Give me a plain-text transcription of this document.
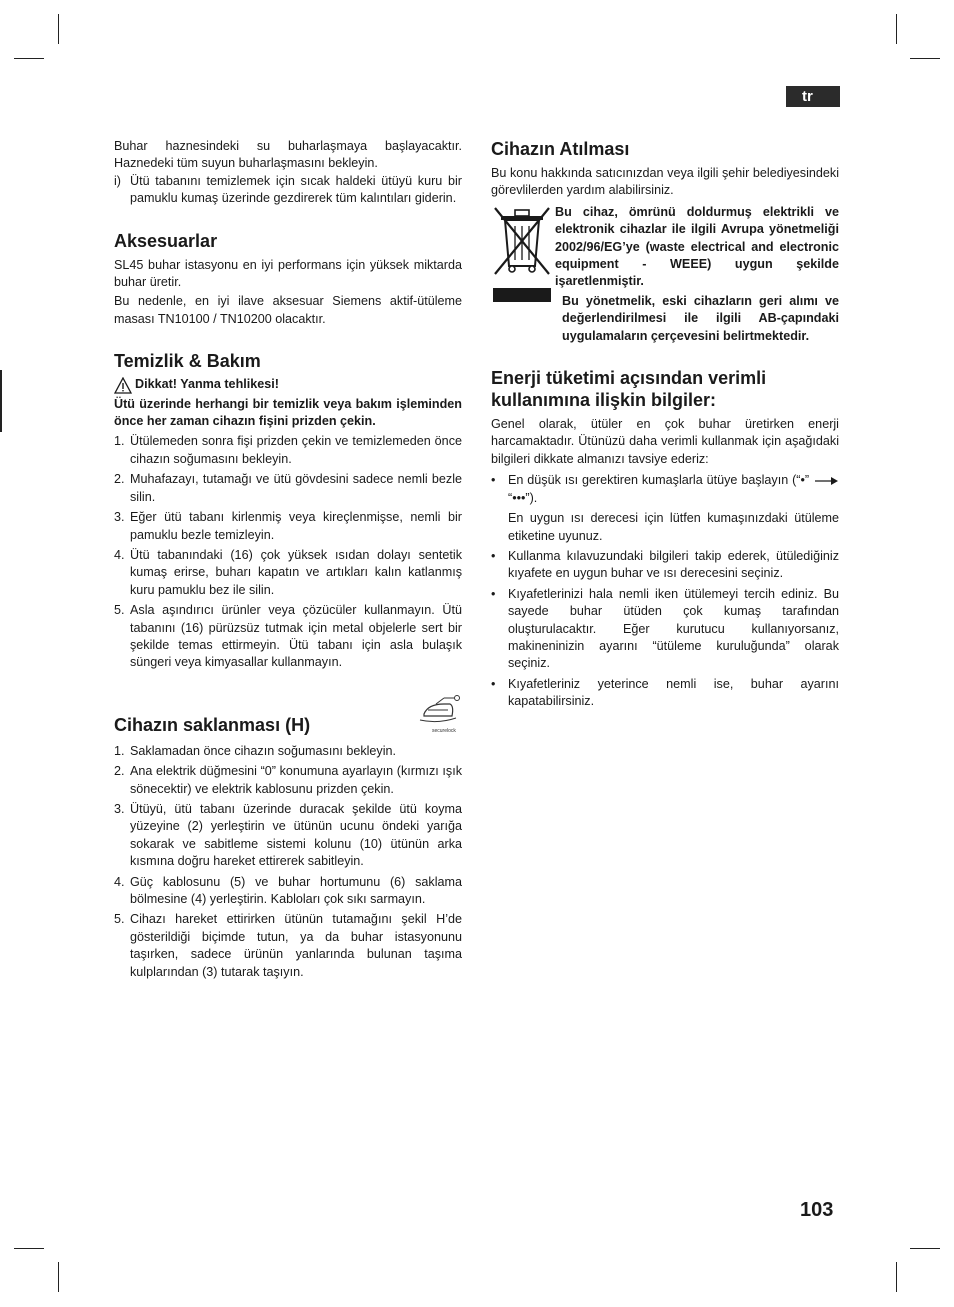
tr

Buhar haznesindeki su buharlaşmaya başlayacaktır. Haznedeki tüm suyun buharlaşmasını bekleyin.

i) Ütü tabanını temizlemek için sıcak haldeki ütüyü kuru bir pamuklu kumaş üzerinde gezdirerek tüm kalıntıları giderin.
Aksesuarlar

SL45 buhar istasyonu en iyi performans için yüksek miktarda buhar üretir.

Bu nedenle, en iyi ilave aksesuar Siemens aktif-ütüleme masası TN10100 / TN10200 olacaktır.

Temizlik & Bakım
Dikkat! Yanma tehlikesi!

Ütü üzerinde herhangi bir temizlik veya bakım işleminden önce her zaman cihazın fişini prizden çekin.

1. Ütülemeden sonra fişi prizden çekin ve temizlemeden önce cihazın soğumasını bekleyin.
2. Muhafazayı, tutamağı ve ütü gövdesini sadece nemli bezle silin.
3. Eğer ütü tabanı kirlenmiş veya kireçlenmişse, nemli bir pamuklu bezle temizleyin.
4. Ütü tabanındaki (16) çok yüksek ısıdan dolayı sentetik kumaş erirse, buharı kapatın ve artıkları kalın katlanmış kuru pamuklu bez ile silin.
5. Asla aşındırıcı ürünler veya çözücüler kullanmayın. Ütü tabanını (16) pürüzsüz tutmak için metal objelerle sert bir şekilde temas ettirmeyin. Ütü tabanı için asla bulaşık süngeri veya kimyasallar kullanmayın.
Cihazın saklanması (H)	securelock
1. Saklamadan önce cihazın soğumasını bekleyin.
2. Ana elektrik düğmesini “0” konumuna ayarlayın (kırmızı ışık sönecektir) ve elektrik kablosunu prizden çekin.
3. Ütüyü, ütü tabanı üzerinde duracak şekilde ütü koyma yüzeyine (2) yerleştirin ve ütünün ucunu öndeki yarığa sokarak ve sabitleme sistemi kolunu (10) ütünün arka kısmına doğru hareket ettirerek sabitleyin.
4. Güç kablosunu (5) ve buhar hortumunu (6) saklama bölmesine (4) yerleştirin. Kabloları çok sıkı sarmayın.
5. Cihazı hareket ettirirken ütünün tutamağını şekil H’de gösterildiği biçimde tutun, ya da buhar istasyonunu taşırken, sadece ürünün yanlarında bulunan taşıma kulplarından (3) tutarak taşıyın.
Cihazın Atılması

Bu konu hakkında satıcınızdan veya ilgili şehir belediyesindeki görevlilerden yardım alabilirsiniz.

Bu cihaz, ömrünü doldurmuş elektrikli ve elektronik cihazlar ile ilgili Avrupa yönetmeliği 2002/96/EG’ye (waste electrical and electronic equipment - WEEE) uygun şekilde işaretlenmiştir.

Bu yönetmelik, eski cihazların geri alımı ve değerlendirilmesi ile ilgili AB-çapındaki uygulamaların çerçevesini belirtmektedir.

Enerji tüketimi açısından verimli kullanımına ilişkin bilgiler:

Genel olarak, ütüler en çok buhar üretirken enerji harcamaktadır. Ütünüzü daha verimli kullanmak için aşağıdaki bilgileri dikkate almanızı tavsiye ederiz:

• En düşük ısı gerektiren kumaşlarla ütüye başlayın (“•”  “•••”).

En uygun ısı derecesi için lütfen kumaşınızdaki ütüleme etiketine uyunuz.

• Kullanma kılavuzundaki bilgileri takip ederek, ütülediğiniz kıyafete en uygun buhar ve ısı derecesini seçiniz.
• Kıyafetlerinizi hala nemli iken ütülemeyi tercih ediniz. Bu sayede buhar ütüden çok kumaş tarafından oluşturulacaktır. Eğer kurutucu kullanıyorsanız, makineninizin ayarını “ütüleme kuruluğunda” olarak seçiniz.
• Kıyafetleriniz yeterince nemli ise, buhar ayarını kapatabilirsiniz.
103
